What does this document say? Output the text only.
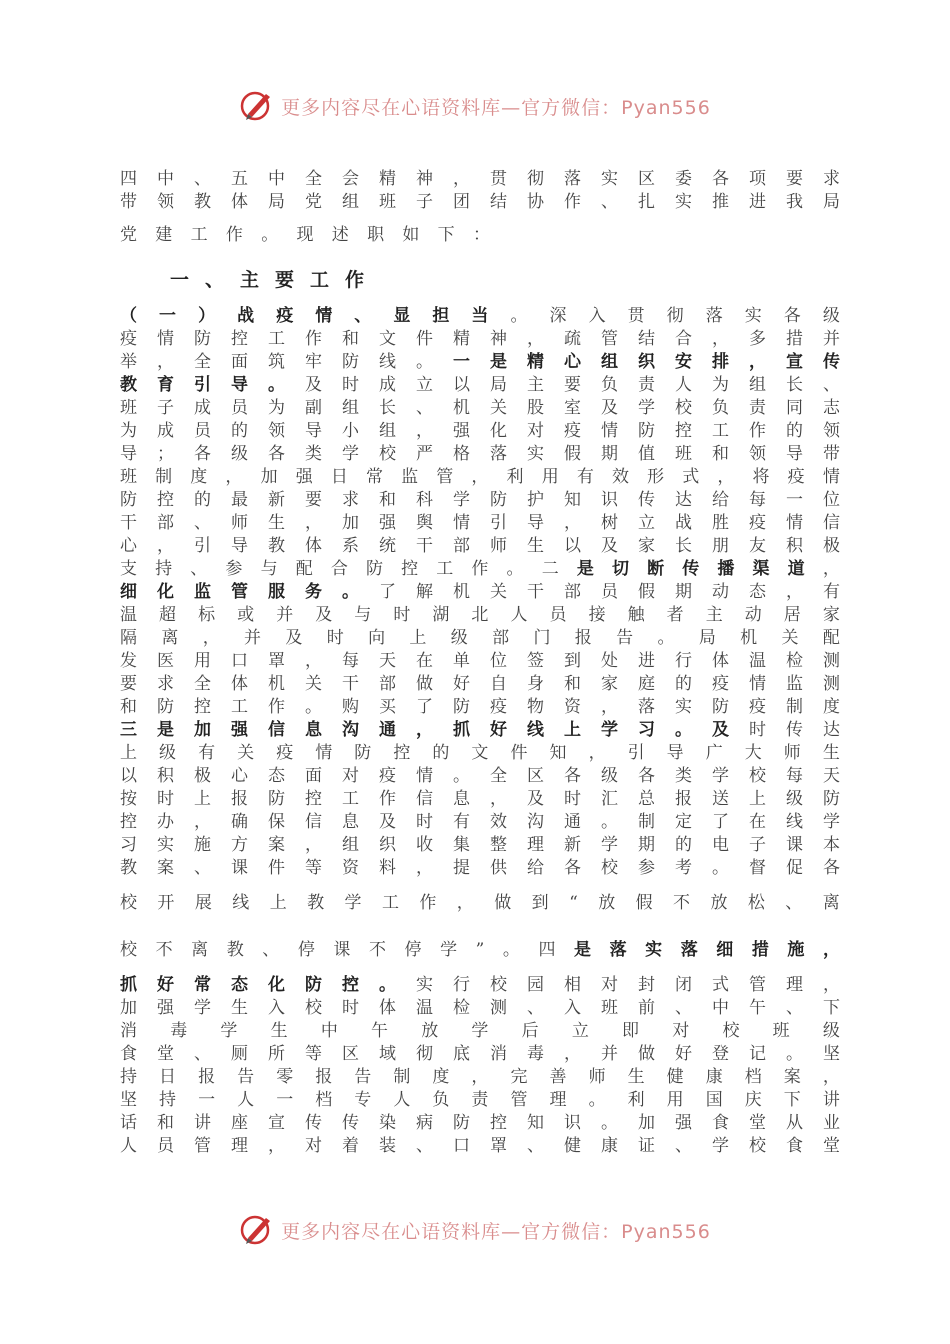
更多内容尽在心语资料库—官方微信：Pyan556
四 中 、 五 中 全 会 精 神 ， 贯 彻 落 实 区 委 各 项 要 求
带 领 教 体 局 党 组 班 子 团 结 协 作 、 扎 实 推 进 我 局
党 建 工 作 。 现 述 职 如 下 ：
一、主要工作
（ 一 ） 战 疫 情 、 显 担 当 。 深 入 贯 彻 落 实 各 级
疫 情 防 控 工 作 和 文 件 精 神 ， 疏 管 结 合 ， 多 措 并
举 ， 全 面 筑 牢 防 线 。 一 是 精 心 组 织 安 排 ， 宣 传
教 育 引 导 。 及 时 成 立 以 局 主 要 负 责 人 为 组 长 、
班 子 成 员 为 副 组 长 、 机 关 股 室 及 学 校 负 责 同 志
为 成 员 的 领 导 小 组 ， 强 化 对 疫 情 防 控 工 作 的 领
导 ； 各 级 各 类 学 校 严 格 落 实 假 期 值 班 和 领 导 带
班 制 度 ， 加 强 日 常 监 管 ， 利 用 有 效 形 式 ， 将 疫 情
防 控 的 最 新 要 求 和 科 学 防 护 知 识 传 达 给 每 一 位
干 部 、 师 生 ， 加 强 舆 情 引 导 ， 树 立 战 胜 疫 情 信
心 ， 引 导 教 体 系 统 干 部 师 生 以 及 家 长 朋 友 积 极
支 持 、 参 与 配 合 防 控 工 作 。 二 是 切 断 传 播 渠 道 ，
细 化 监 管 服 务 。 了 解 机 关 干 部 员 假 期 动 态 ， 有
温 超 标 或 并 及 与 时 湖 北 人 员 接 触 者 主 动 居 家
隔 离 ， 并 及 时 向 上 级 部 门 报 告 。 局 机 关 配
发 医 用 口 罩 ， 每 天 在 单 位 签 到 处 进 行 体 温 检 测
要 求 全 体 机 关 干 部 做 好 自 身 和 家 庭 的 疫 情 监 测
和 防 控 工 作 。 购 买 了 防 疫 物 资 ， 落 实 防 疫 制 度
三 是 加 强 信 息 沟 通 ， 抓 好 线 上 学 习 。 及 时 传 达
上 级 有 关 疫 情 防 控 的 文 件 知 ， 引 导 广 大 师 生
以 积 极 心 态 面 对 疫 情 。 全 区 各 级 各 类 学 校 每 天
按 时 上 报 防 控 工 作 信 息 ， 及 时 汇 总 报 送 上 级 防
控 办 ， 确 保 信 息 及 时 有 效 沟 通 。 制 定 了 在 线 学
习 实 施 方 案 ， 组 织 收 集 整 理 新 学 期 的 电 子 课 本
教 案 、 课 件 等 资 料 ， 提 供 给 各 校 参 考 。 督 促 各
校 开 展 线 上 教 学 工 作 ， 做 到 “ 放 假 不 放 松 、 离
校 不 离 教 、 停 课 不 停 学 ” 。 四 是 落 实 落 细 措 施 ，
抓 好 常 态 化 防 控 。 实 行 校 园 相 对 封 闭 式 管 理 ，
加 强 学 生 入 校 时 体 温 检 测 、 入 班 前 、 中 午 、 下
消 毒 学 生 中 午 放 学 后 立 即 对 校 班 级
食 堂 、 厕 所 等 区 域 彻 底 消 毒 ， 并 做 好 登 记 。 坚
持 日 报 告 零 报 告 制 度 ， 完 善 师 生 健 康 档 案 ，
坚 持 一 人 一 档 专 人 负 责 管 理 。 利 用 国 庆 下 讲
话 和 讲 座 宣 传 传 染 病 防 控 知 识 。 加 强 食 堂 从 业
人 员 管 理 ， 对 着 装 、 口 罩 、 健 康 证 、 学 校 食 堂
更多内容尽在心语资料库—官方微信：Pyan556
